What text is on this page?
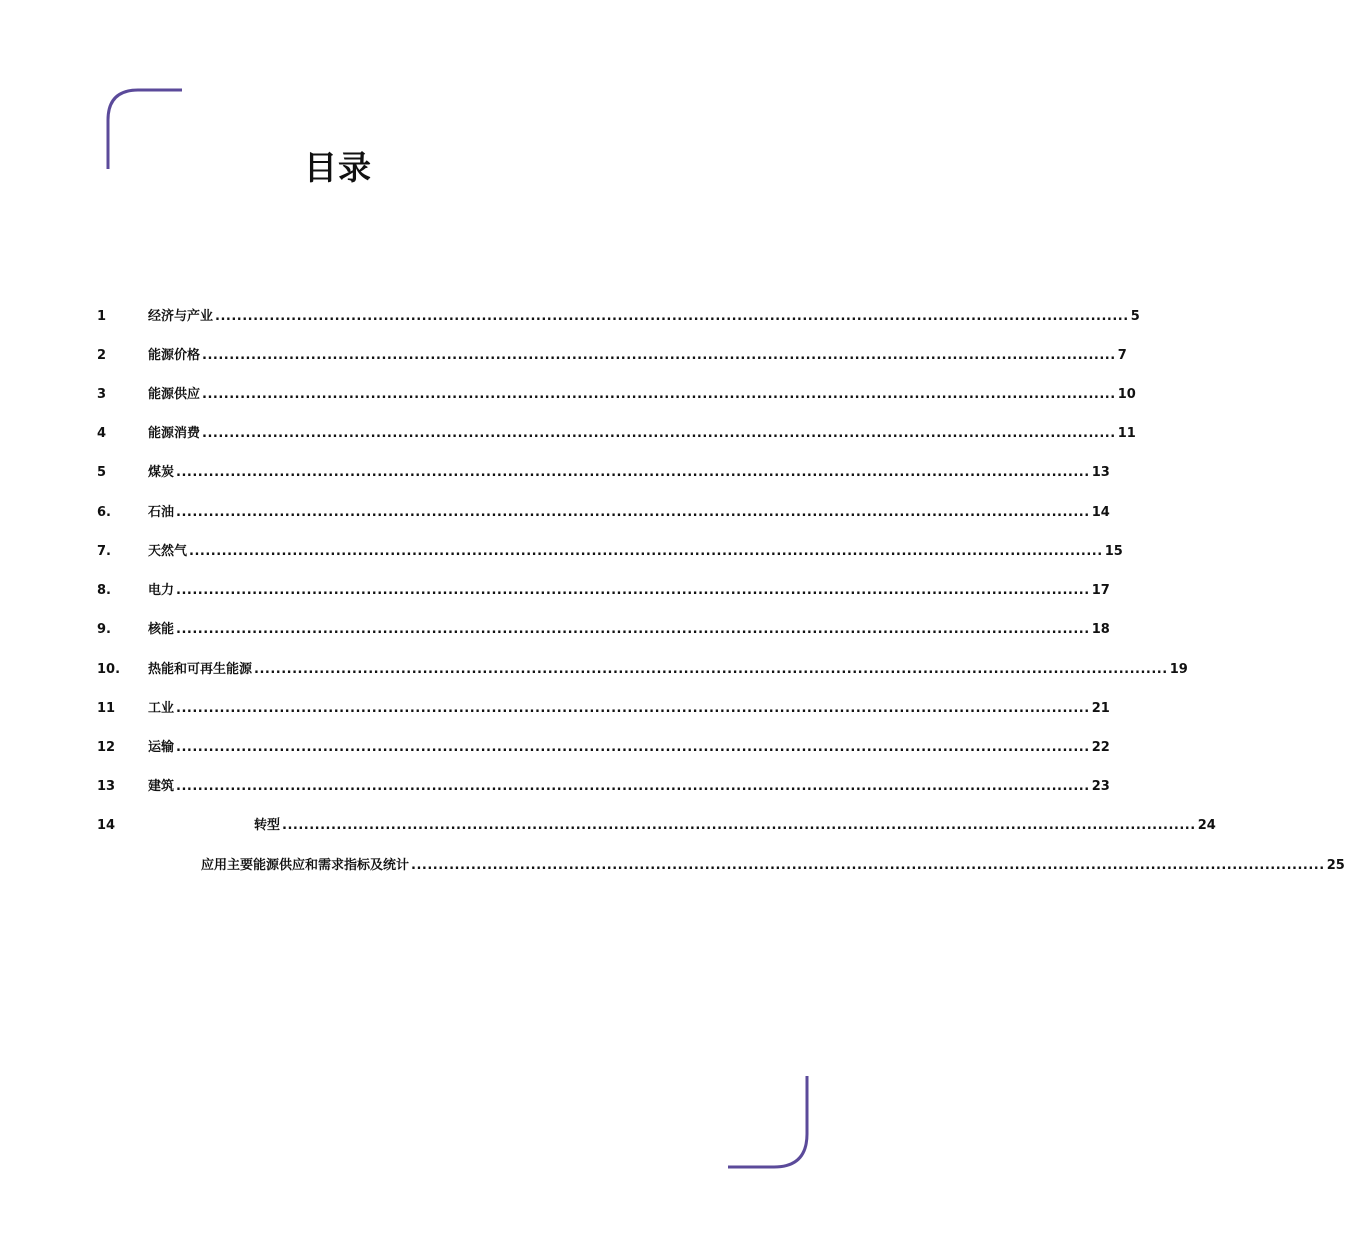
目录
1	经济与产业 ........................................................................................................................................................................ 5
2	能源价格 ........................................................................................................................................................................ 7
3	能源供应 ........................................................................................................................................................................ 10
4	能源消费 ........................................................................................................................................................................ 11
5	煤炭 ........................................................................................................................................................................ 13
6.	石油 ........................................................................................................................................................................ 14
7.	天然气 ........................................................................................................................................................................ 15
8.	电力 ........................................................................................................................................................................ 17
9.	核能 ........................................................................................................................................................................ 18
10. 热能和可再生能源 ........................................................................................................................................................................ 19
11	工业 ........................................................................................................................................................................ 21
12	运输 ........................................................................................................................................................................ 22
13	建筑 ........................................................................................................................................................................ 23
14	转型 ........................................................................................................................................................................ 24
应用主要能源供应和需求指标及统计 ........................................................................................................................................................................ 25
